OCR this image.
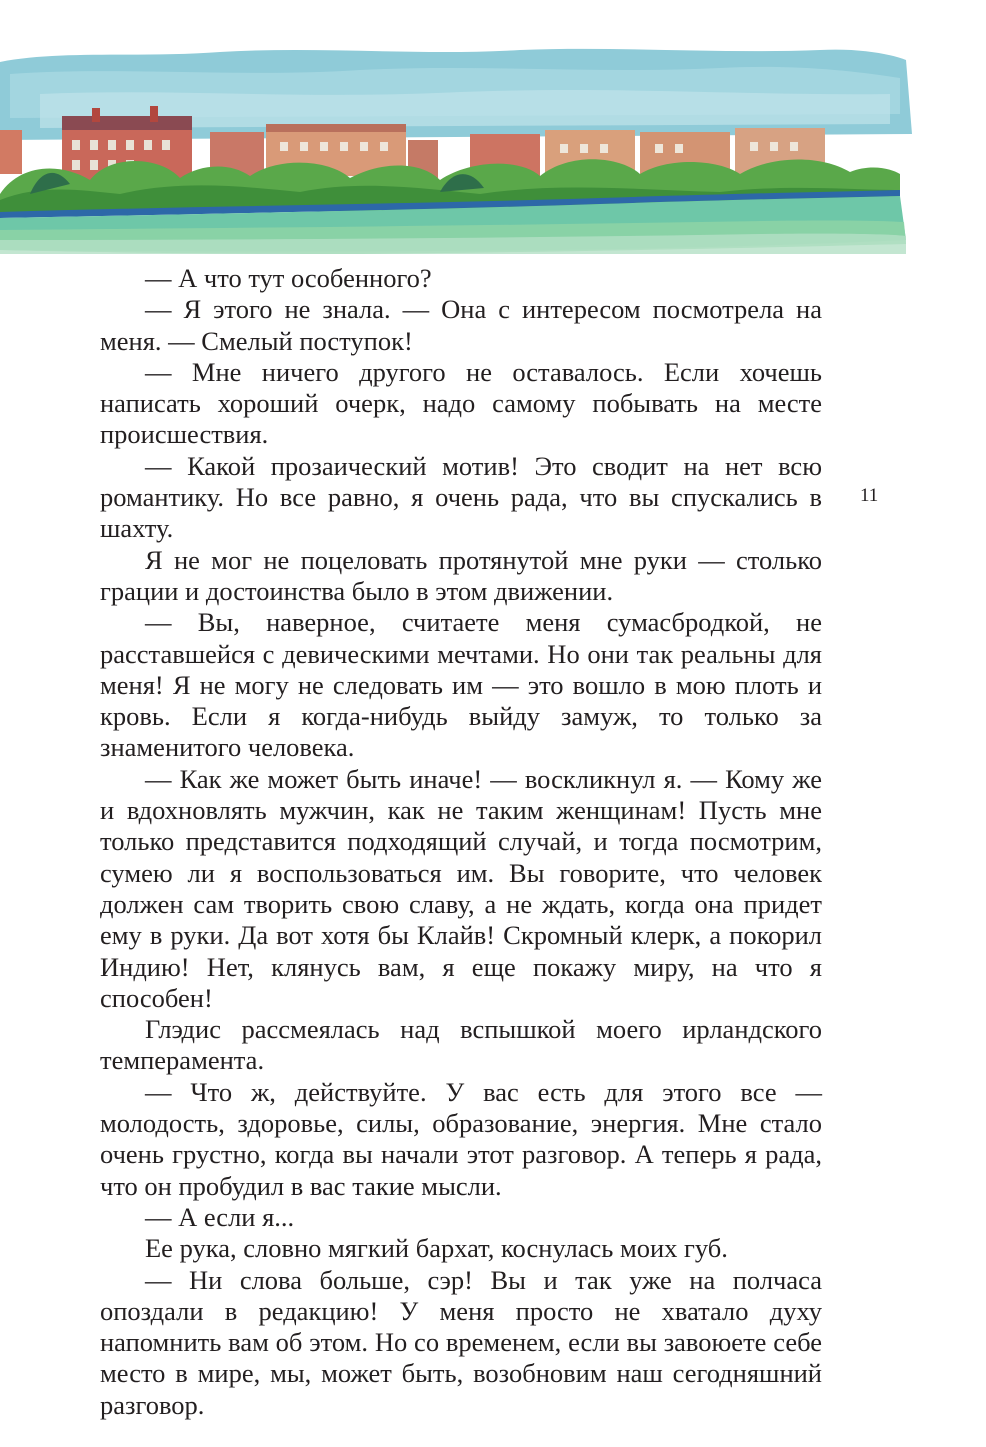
— А что тут особенного?

— Я этого не знала. — Она с интересом посмотрела на меня. — Смелый поступок!

— Мне ничего другого не оставалось. Если хочешь написать хороший очерк, надо самому побывать на месте происшествия.

— Какой прозаический мотив! Это сводит на нет всю романтику. Но все равно, я очень рада, что вы спускались в шахту.

Я не мог не поцеловать протянутой мне руки — столько грации и достоинства было в этом движении.

— Вы, наверное, считаете меня сумасбродкой, не расставшейся с девическими мечтами. Но они так реальны для меня! Я не могу не следовать им — это вошло в мою плоть и кровь. Если я когда-нибудь выйду замуж, то только за знаменитого человека.

— Как же может быть иначе! — воскликнул я. — Кому же и вдохновлять мужчин, как не таким женщинам! Пусть мне только представится подходящий случай, и тогда посмотрим, сумею ли я воспользоваться им. Вы говорите, что человек должен сам творить свою славу, а не ждать, когда она придет ему в руки. Да вот хотя бы Клайв! Скромный клерк, а покорил Индию! Нет, клянусь вам, я еще покажу миру, на что я способен!

Глэдис рассмеялась над вспышкой моего ирландского темперамента.

— Что ж, действуйте. У вас есть для этого все — молодость, здоровье, силы, образование, энергия. Мне стало очень грустно, когда вы начали этот разговор. А теперь я рада, что он пробудил в вас такие мысли.

— А если я...

Ее рука, словно мягкий бархат, коснулась моих губ.

— Ни слова больше, сэр! Вы и так уже на полчаса опоздали в редакцию! У меня просто не хватало духу напомнить вам об этом. Но со временем, если вы завоюете себе место в мире, мы, может быть, возобновим наш сегодняшний разговор.

11
